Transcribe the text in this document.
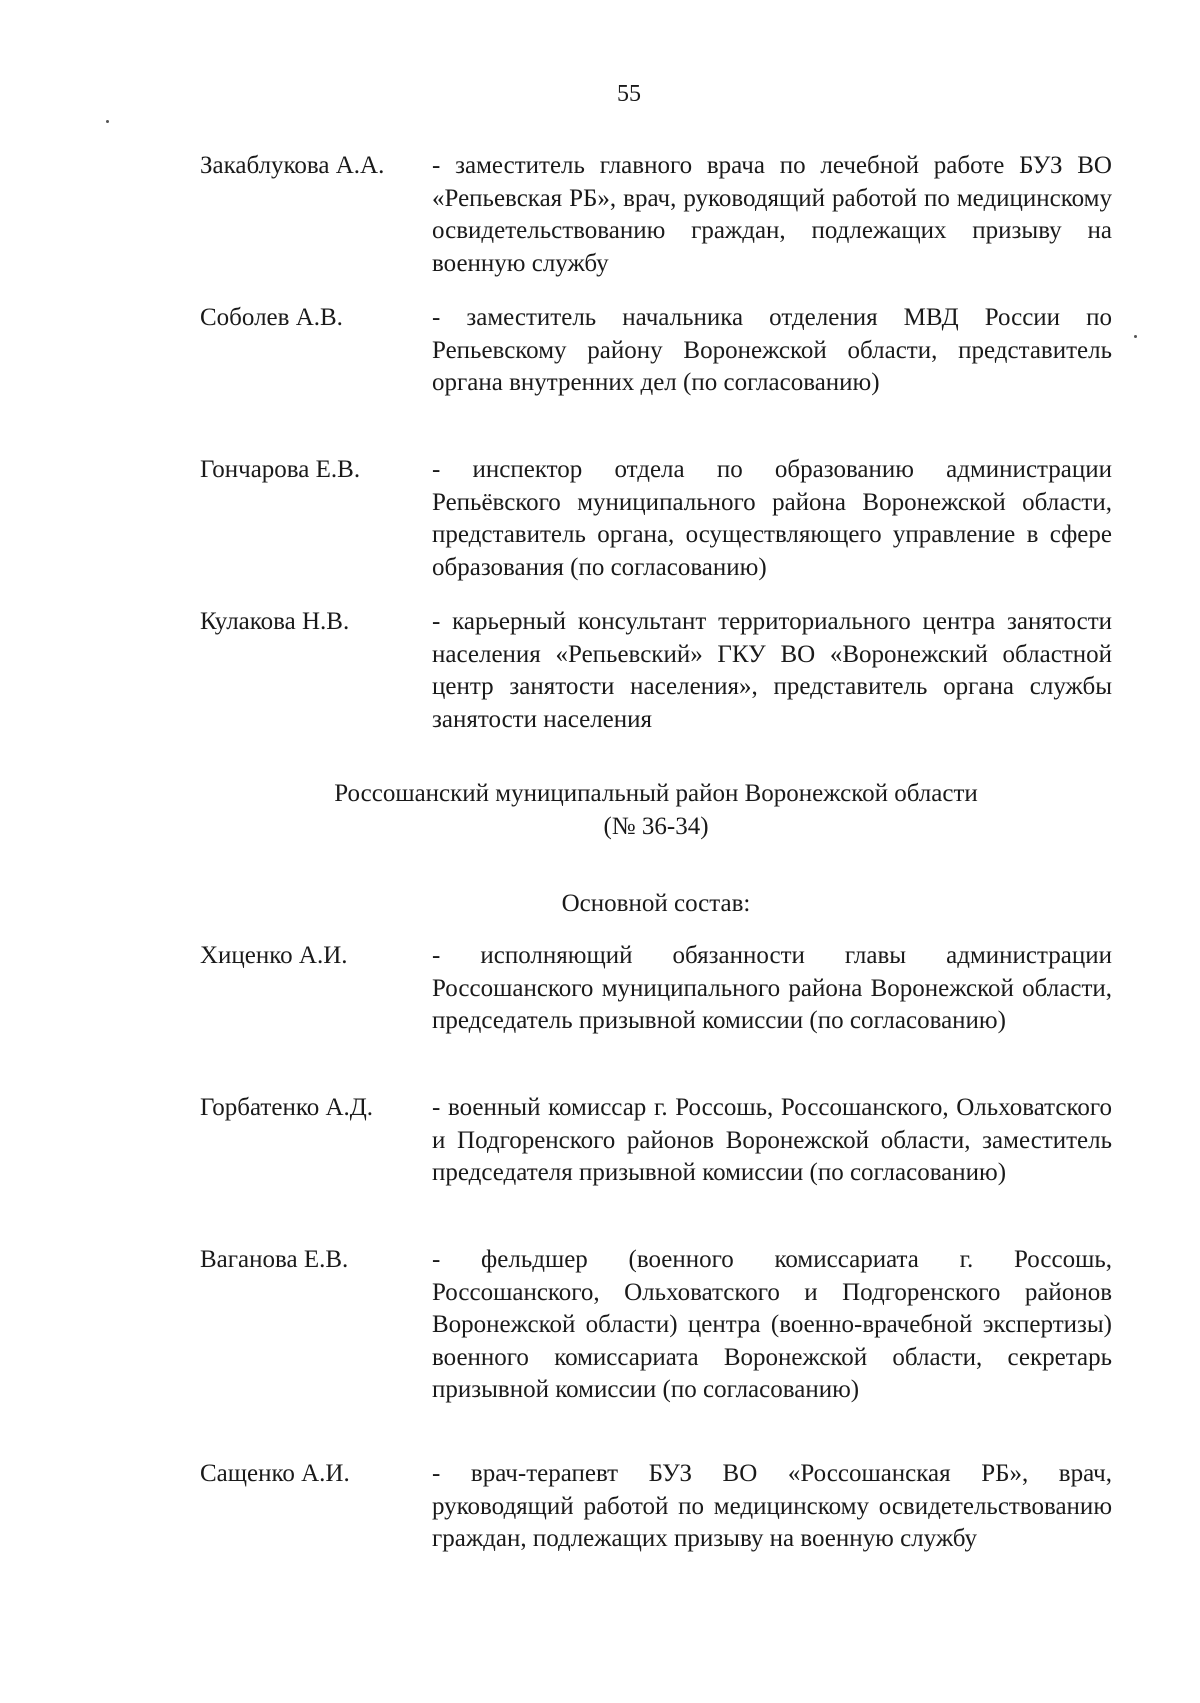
55
Закаблукова А.А.	- заместитель главного врача по лечебной работе БУЗ ВО «Репьевская РБ», врач, руководящий работой по медицинскому освидетельствованию граждан, подлежащих призыву на военную службу
Соболев А.В.	- заместитель начальника отделения МВД России по Репьевскому району Воронежской области, представитель органа внутренних дел (по согласованию)
Гончарова Е.В.	- инспектор отдела по образованию администрации Репьёвского муниципального района Воронежской области, представитель органа, осуществляющего управление в сфере образования (по согласованию)
Кулакова Н.В.	- карьерный консультант территориального центра занятости населения «Репьевский» ГКУ ВО «Воронежский областной центр занятости населения», представитель органа службы занятости населения
Россошанский муниципальный район Воронежской области
(№ 36-34)
Основной состав:
Хиценко А.И.	- исполняющий обязанности главы администрации Россошанского муниципального района Воронежской области, председатель призывной комиссии (по согласованию)
Горбатенко А.Д.	- военный комиссар г. Россошь, Россошанского, Ольховатского и Подгоренского районов Воронежской области, заместитель председателя призывной комиссии (по согласованию)
Ваганова Е.В.	- фельдшер (военного комиссариата г. Россошь, Россошанского, Ольховатского и Подгоренского районов Воронежской области) центра (военно-врачебной экспертизы) военного комиссариата Воронежской области, секретарь призывной комиссии (по согласованию)
Сащенко А.И.	- врач-терапевт БУЗ ВО «Россошанская РБ», врач, руководящий работой по медицинскому освидетельствованию граждан, подлежащих призыву на военную службу
